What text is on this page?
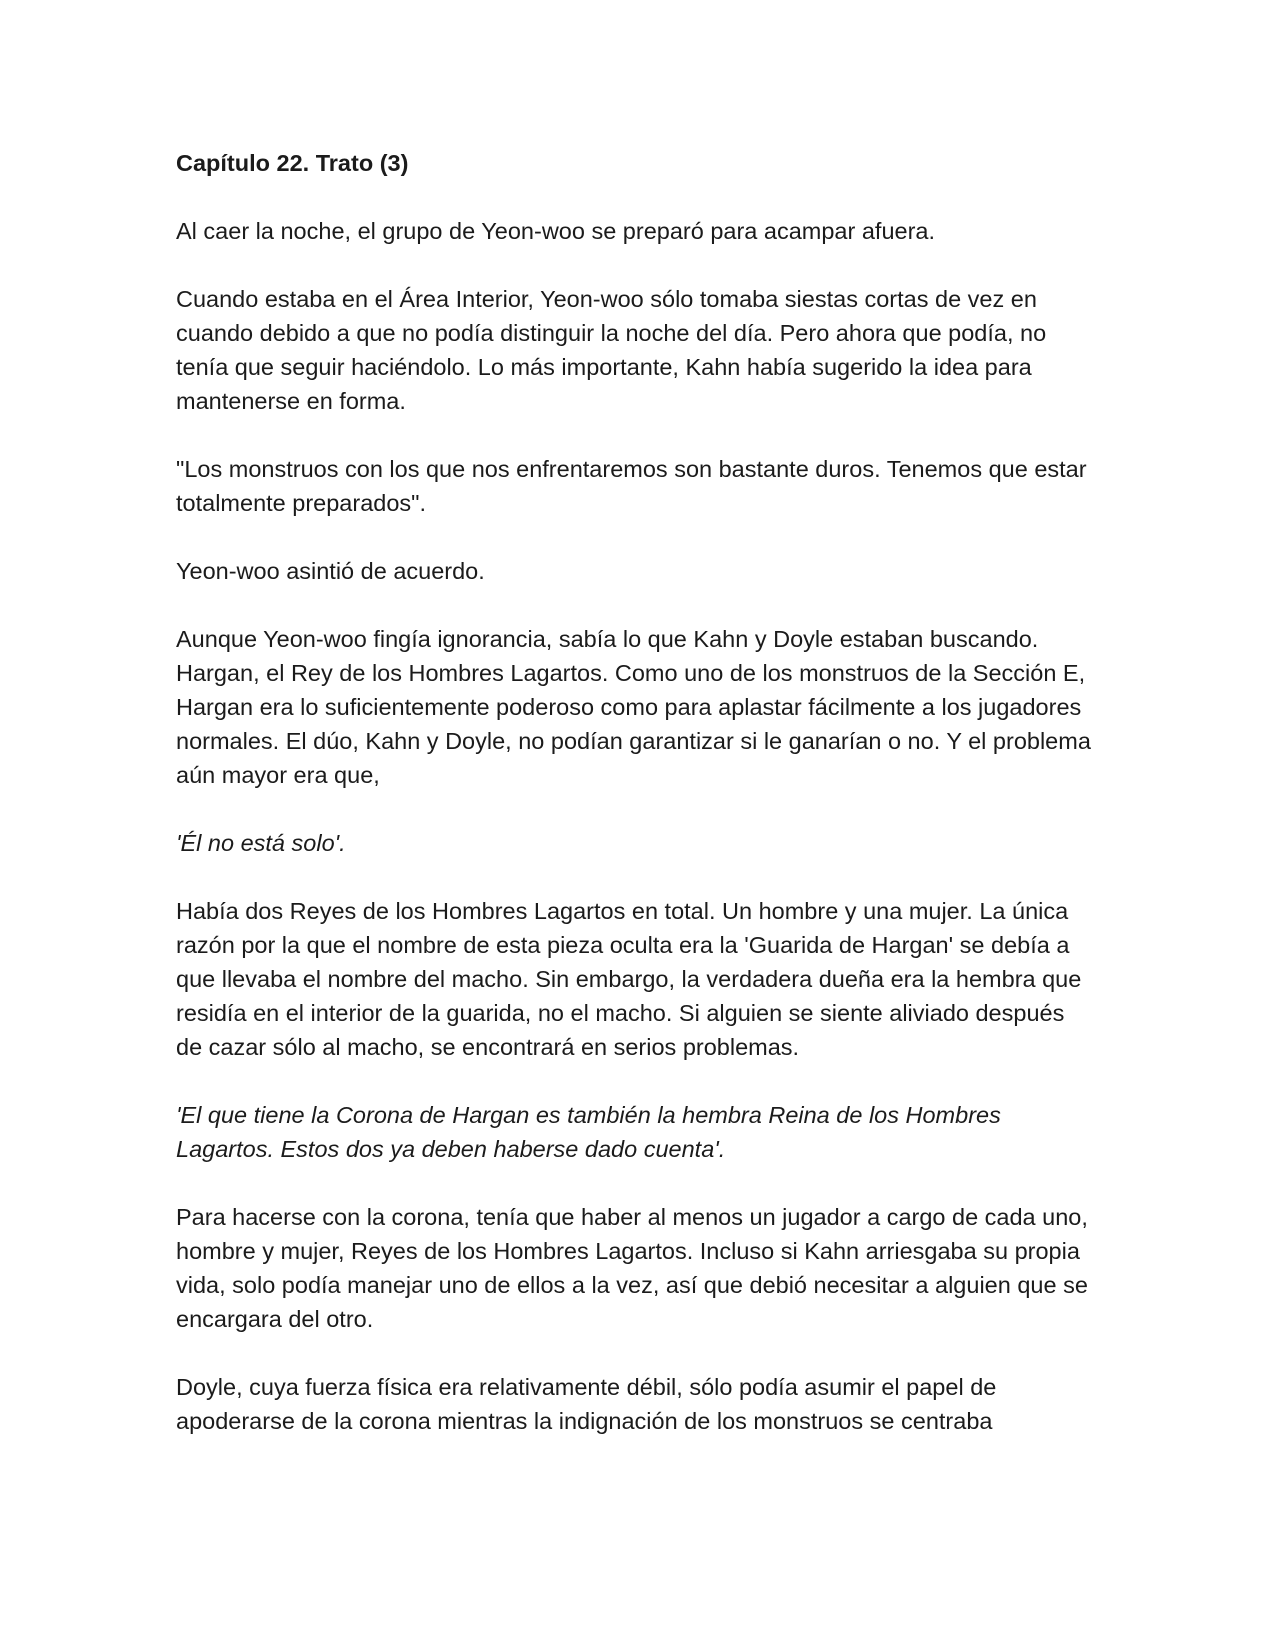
Capítulo 22. Trato (3)

Al caer la noche, el grupo de Yeon-woo se preparó para acampar afuera.

Cuando estaba en el Área Interior, Yeon-woo sólo tomaba siestas cortas de vez en cuando debido a que no podía distinguir la noche del día. Pero ahora que podía, no tenía que seguir haciéndolo. Lo más importante, Kahn había sugerido la idea para mantenerse en forma.

"Los monstruos con los que nos enfrentaremos son bastante duros. Tenemos que estar totalmente preparados".

Yeon-woo asintió de acuerdo.

Aunque Yeon-woo fingía ignorancia, sabía lo que Kahn y Doyle estaban buscando. Hargan, el Rey de los Hombres Lagartos. Como uno de los monstruos de la Sección E, Hargan era lo suficientemente poderoso como para aplastar fácilmente a los jugadores normales. El dúo, Kahn y Doyle, no podían garantizar si le ganarían o no. Y el problema aún mayor era que,

'Él no está solo'.

Había dos Reyes de los Hombres Lagartos en total. Un hombre y una mujer. La única razón por la que el nombre de esta pieza oculta era la 'Guarida de Hargan' se debía a que llevaba el nombre del macho. Sin embargo, la verdadera dueña era la hembra que residía en el interior de la guarida, no el macho. Si alguien se siente aliviado después de cazar sólo al macho, se encontrará en serios problemas.

'El que tiene la Corona de Hargan es también la hembra Reina de los Hombres Lagartos. Estos dos ya deben haberse dado cuenta'.

Para hacerse con la corona, tenía que haber al menos un jugador a cargo de cada uno, hombre y mujer, Reyes de los Hombres Lagartos. Incluso si Kahn arriesgaba su propia vida, solo podía manejar uno de ellos a la vez, así que debió necesitar a alguien que se encargara del otro.

Doyle, cuya fuerza física era relativamente débil, sólo podía asumir el papel de apoderarse de la corona mientras la indignación de los monstruos se centraba
